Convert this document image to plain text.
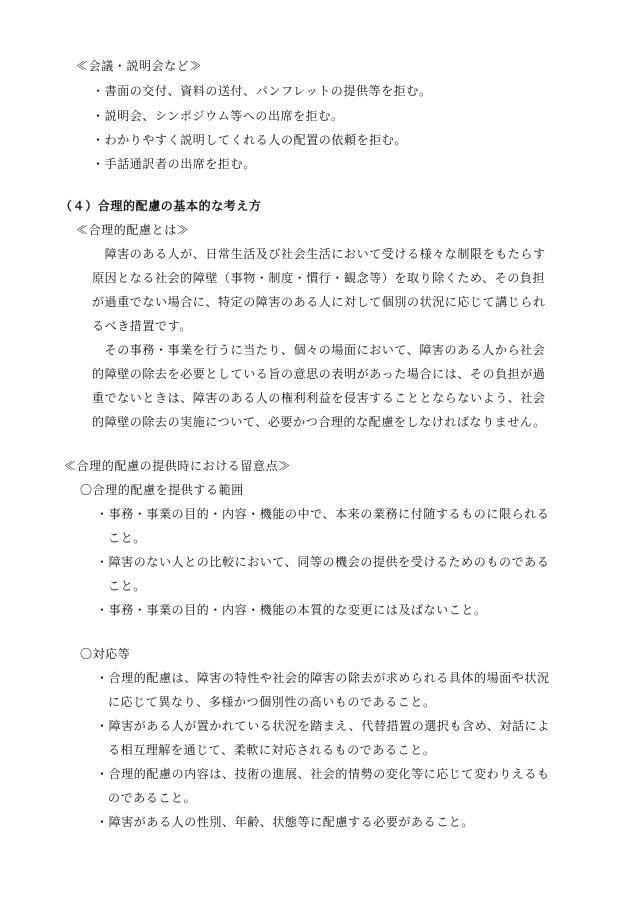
≪会議・説明会など≫
・書面の交付、資料の送付、パンフレットの提供等を拒む。
・説明会、シンポジウム等への出席を拒む。
・わかりやすく説明してくれる人の配置の依頼を拒む。
・手話通訳者の出席を拒む。
（４）合理的配慮の基本的な考え方
≪合理的配慮とは≫
　障害のある人が、日常生活及び社会生活において受ける様々な制限をもたらす
原因となる社会的障壁（事物・制度・慣行・観念等）を取り除くため、その負担
が過重でない場合に、特定の障害のある人に対して個別の状況に応じて講じられ
るべき措置です。
　その事務・事業を行うに当たり、個々の場面において、障害のある人から社会
的障壁の除去を必要としている旨の意思の表明があった場合には、その負担が過
重でないときは、障害のある人の権利利益を侵害することとならないよう、社会
的障壁の除去の実施について、必要かつ合理的な配慮をしなければなりません。
≪合理的配慮の提供時における留意点≫
〇合理的配慮を提供する範囲
・事務・事業の目的・内容・機能の中で、本来の業務に付随するものに限られる
こと。
・障害のない人との比較において、同等の機会の提供を受けるためのものである
こと。
・事務・事業の目的・内容・機能の本質的な変更には及ばないこと。
〇対応等
・合理的配慮は、障害の特性や社会的障害の除去が求められる具体的場面や状況
に応じて異なり、多様かつ個別性の高いものであること。
・障害がある人が置かれている状況を踏まえ、代替措置の選択も含め、対話によ
る相互理解を通じて、柔軟に対応されるものであること。
・合理的配慮の内容は、技術の進展、社会的情勢の変化等に応じて変わりえるも
のであること。
・障害がある人の性別、年齢、状態等に配慮する必要があること。
